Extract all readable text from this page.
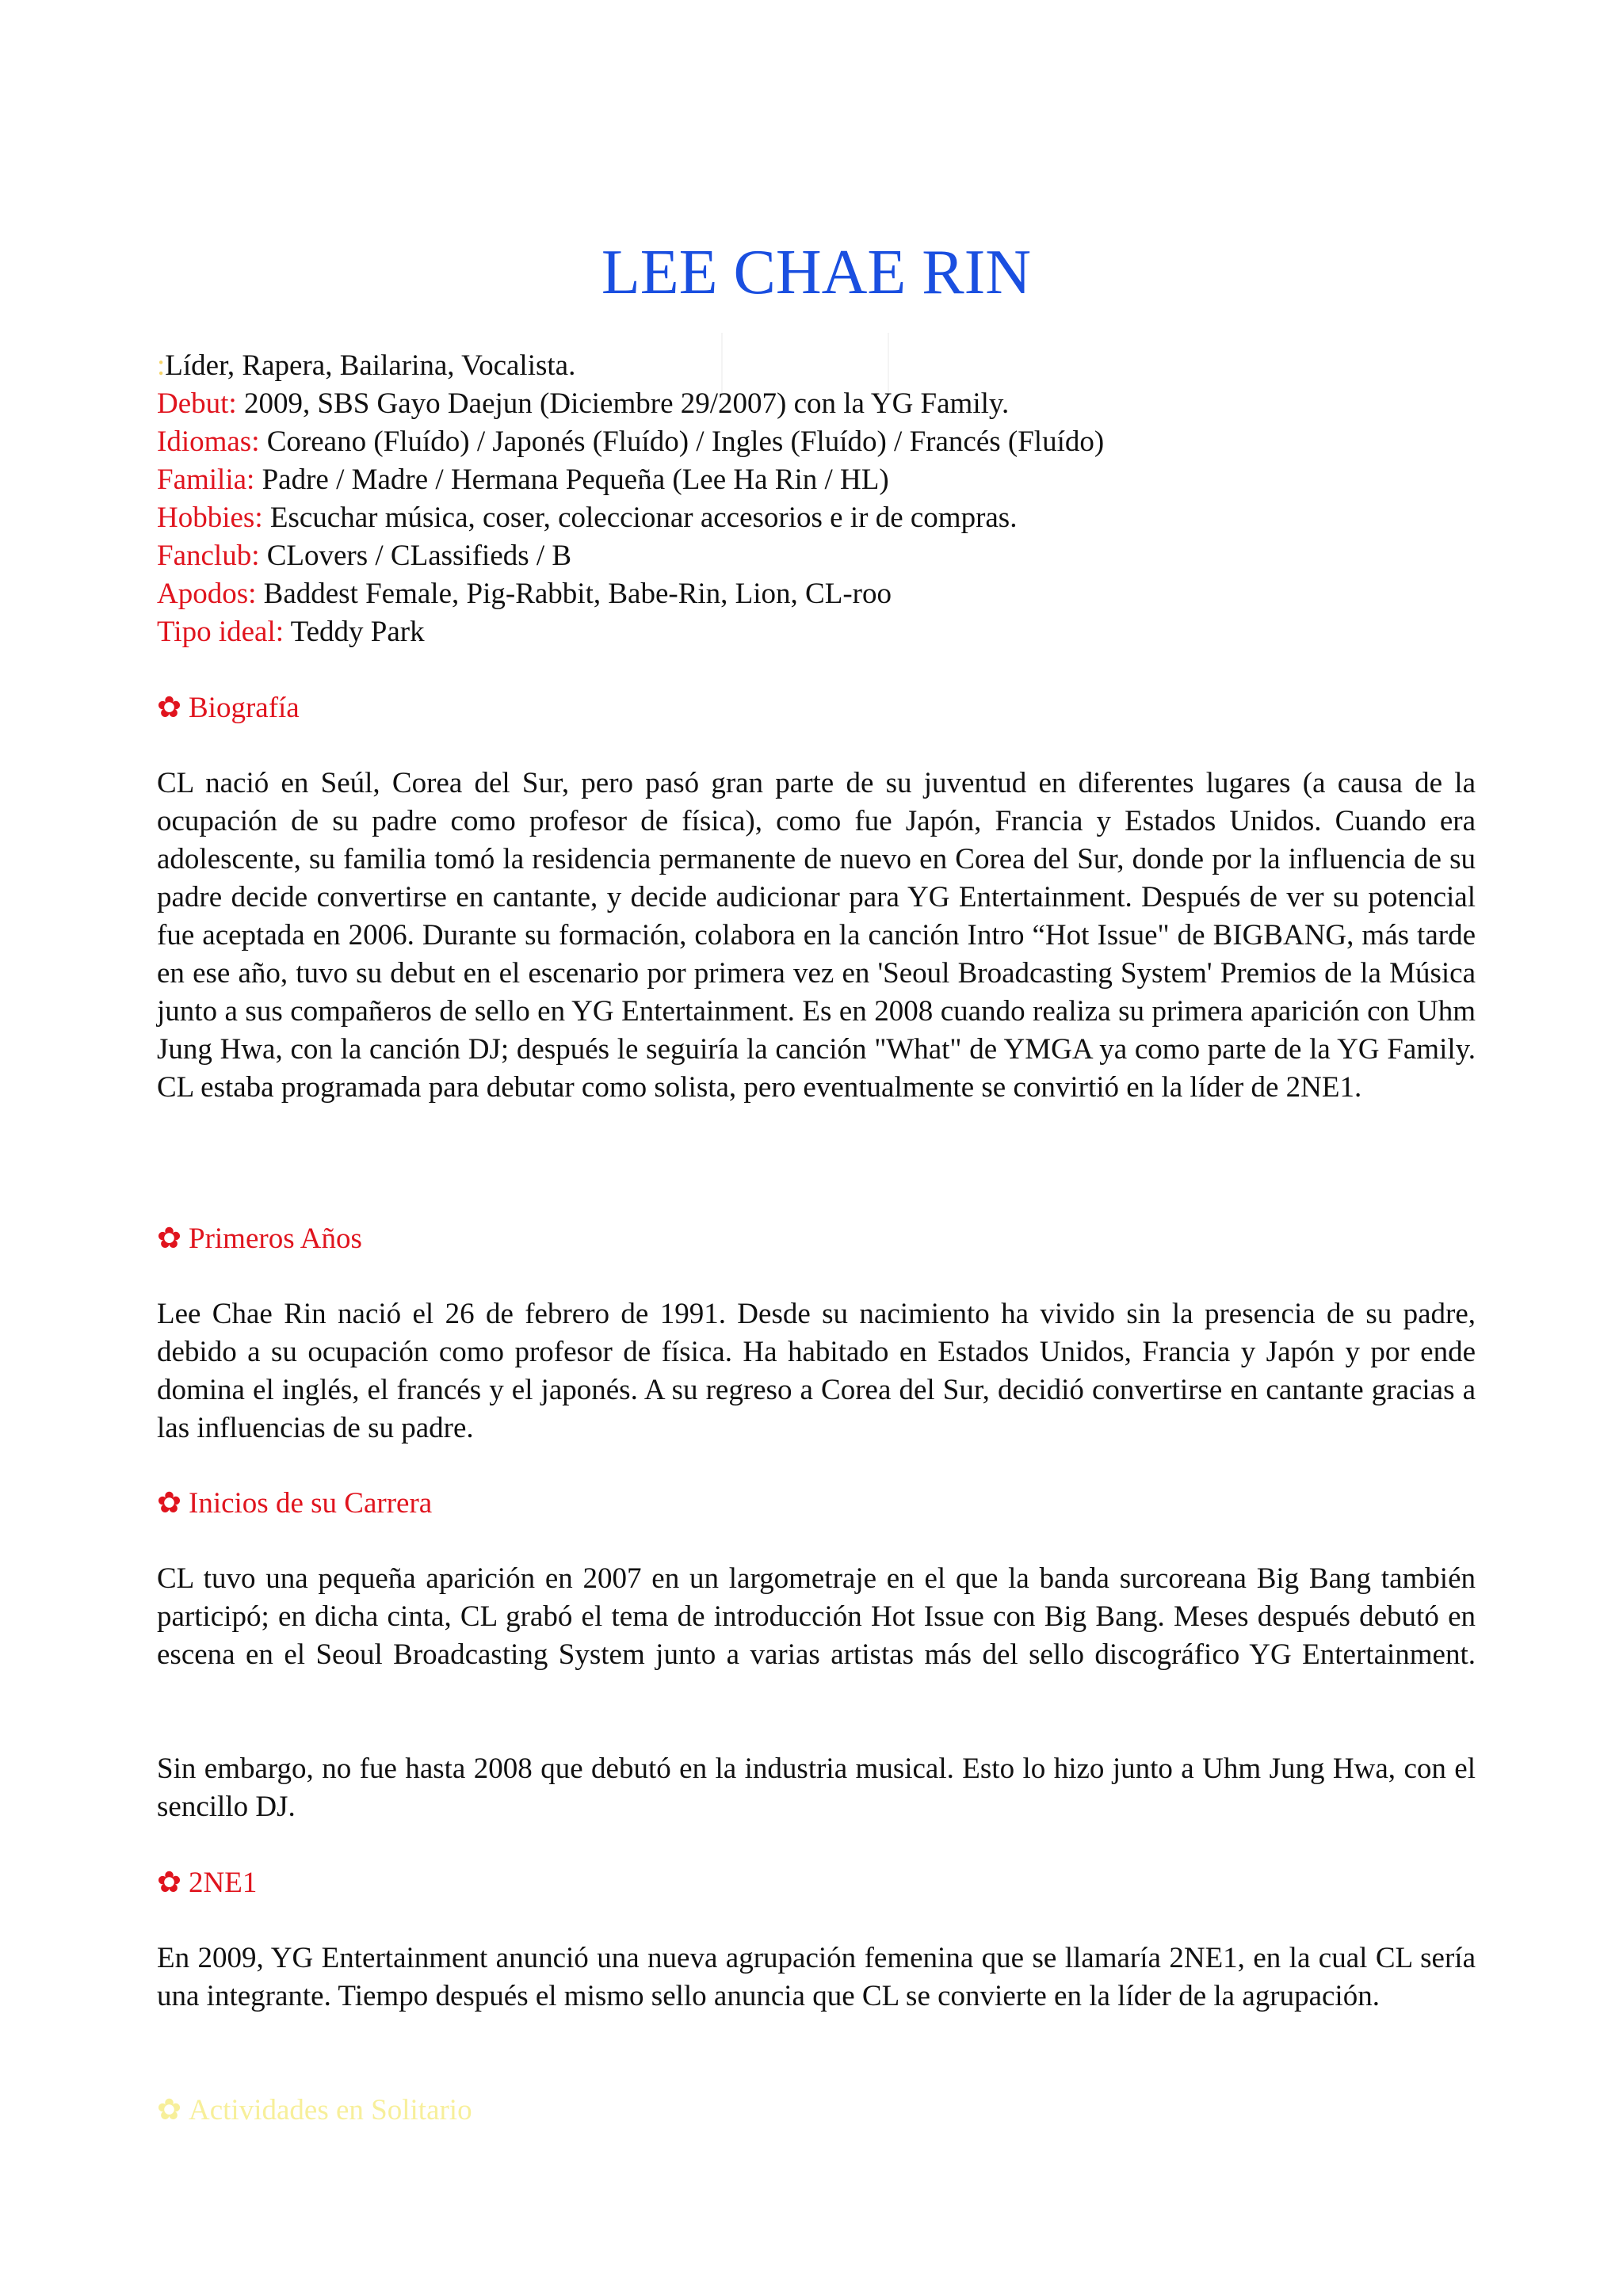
LEE CHAE RIN
:Líder, Rapera, Bailarina, Vocalista.
Debut: 2009, SBS Gayo Daejun (Diciembre 29/2007) con la YG Family.
Idiomas: Coreano (Fluído) / Japonés (Fluído) / Ingles (Fluído) / Francés (Fluído)
Familia: Padre / Madre / Hermana Pequeña (Lee Ha Rin / HL)
Hobbies: Escuchar música, coser, coleccionar accesorios e ir de compras.
Fanclub: CLovers / CLassifieds / B
Apodos: Baddest Female, Pig-Rabbit, Babe-Rin, Lion, CL-roo
Tipo ideal: Teddy Park
✿ Biografía

CL nació en Seúl, Corea del Sur, pero pasó gran parte de su juventud en diferentes lugares (a causa de la ocupación de su padre como profesor de física), como fue Japón, Francia y Estados Unidos. Cuando era adolescente, su familia tomó la residencia permanente de nuevo en Corea del Sur, donde por la influencia de su padre decide convertirse en cantante, y decide audicionar para YG Entertainment. Después de ver su potencial fue aceptada en 2006. Durante su formación, colabora en la canción Intro “Hot Issue" de BIGBANG, más tarde en ese año, tuvo su debut en el escenario por primera vez en 'Seoul Broadcasting System' Premios de la Música junto a sus compañeros de sello en YG Entertainment. Es en 2008 cuando realiza su primera aparición con Uhm Jung Hwa, con la canción DJ; después le seguiría la canción "What" de YMGA ya como parte de la YG Family. CL estaba programada para debutar como solista, pero eventualmente se convirtió en la líder de 2NE1.

✿ Primeros Años

Lee Chae Rin nació el 26 de febrero de 1991. Desde su nacimiento ha vivido sin la presencia de su padre, debido a su ocupación como profesor de física. Ha habitado en Estados Unidos, Francia y Japón y por ende domina el inglés, el francés y el japonés. A su regreso a Corea del Sur, decidió convertirse en cantante gracias a las influencias de su padre.

✿ Inicios de su Carrera

CL tuvo una pequeña aparición en 2007 en un largometraje en el que la banda surcoreana Big Bang también participó; en dicha cinta, CL grabó el tema de introducción Hot Issue con Big Bang. Meses después debutó en escena en el Seoul Broadcasting System junto a varias artistas más del sello discográfico YG Entertainment.

Sin embargo, no fue hasta 2008 que debutó en la industria musical. Esto lo hizo junto a Uhm Jung Hwa, con el sencillo DJ.

✿ 2NE1

En 2009, YG Entertainment anunció una nueva agrupación femenina que se llamaría 2NE1, en la cual CL sería una integrante. Tiempo después el mismo sello anuncia que CL se convierte en la líder de la agrupación.

✿ Actividades en Solitario
